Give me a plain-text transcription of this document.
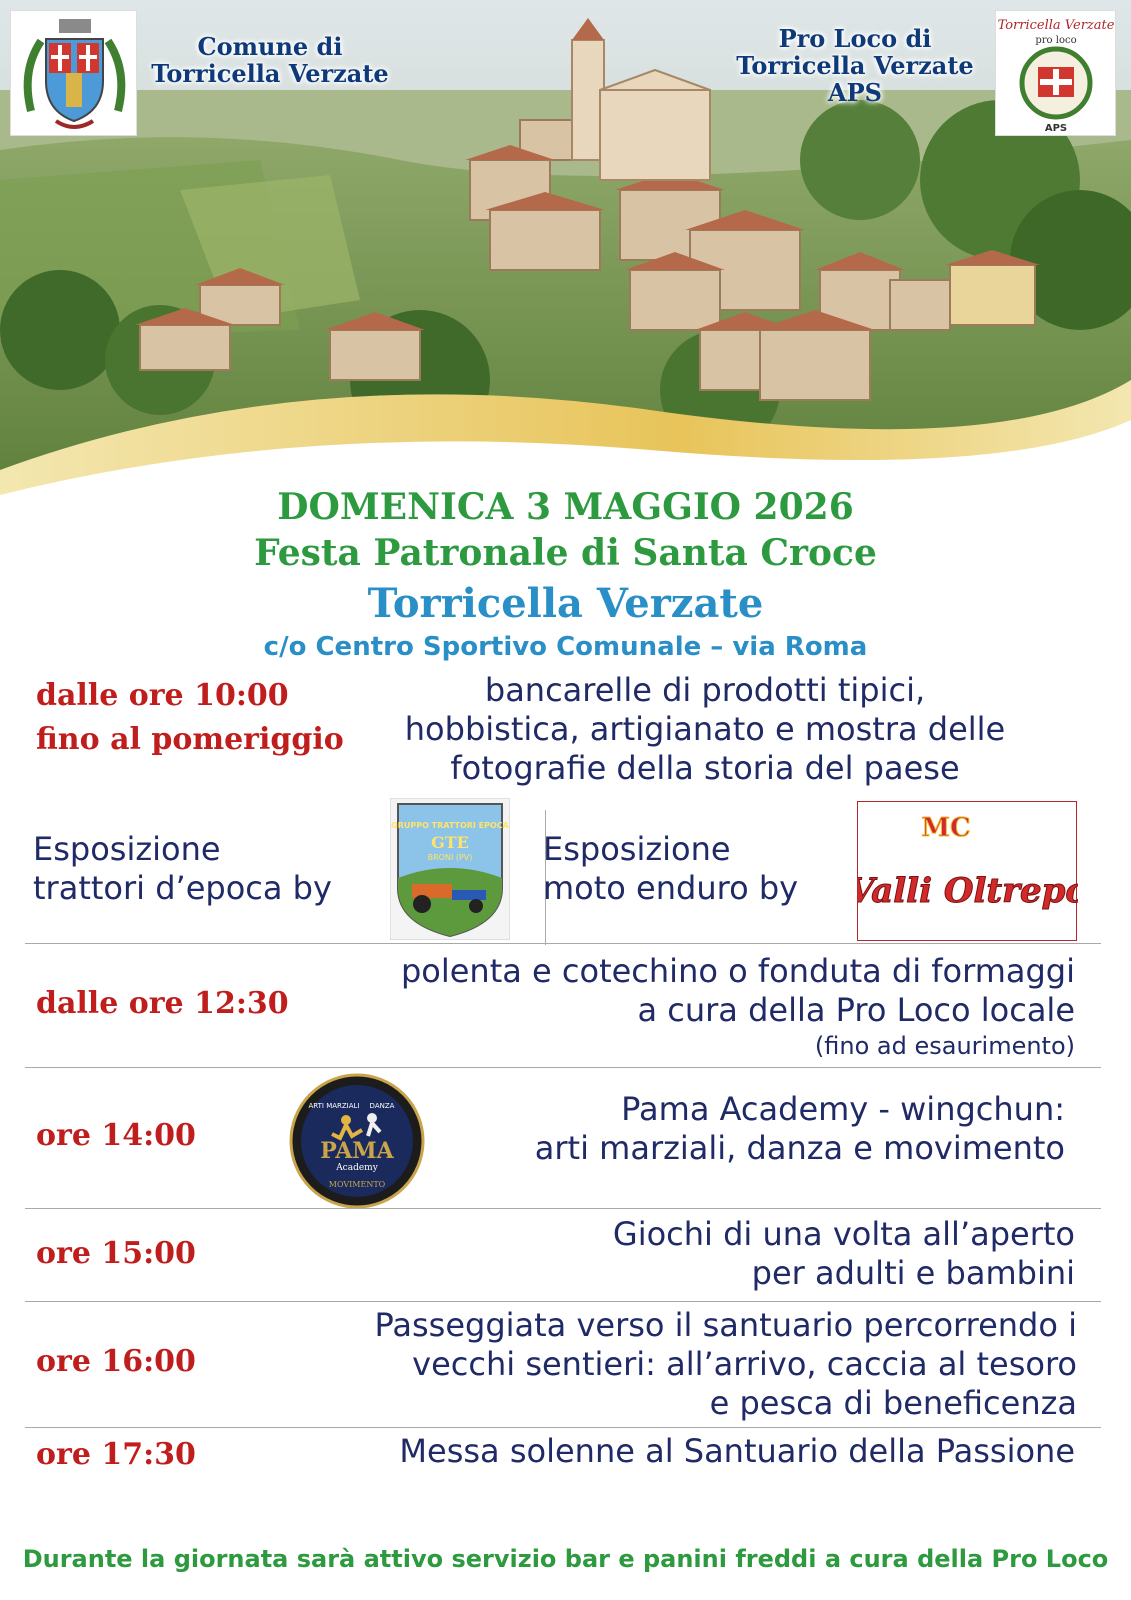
Comune di
Torricella Verzate
Pro Loco di
Torricella Verzate
APS
Torricella Verzate
pro loco
APS
DOMENICA 3 MAGGIO 2026
Festa Patronale di Santa Croce
Torricella Verzate
c/o Centro Sportivo Comunale – via Roma
dalle ore 10:00
fino al pomeriggio
bancarelle di prodotti tipici,
hobbistica, artigianato e mostra delle
fotografie della storia del paese
Esposizione
trattori d’epoca by
GRUPPO TRATTORI EPOCA
GTE
BRONI (PV) Esposizione
moto enduro by
MC
Valli Oltrepo
dalle ore 12:30
polenta e cotechino o fonduta di formaggi
a cura della Pro Loco locale
(fino ad esaurimento)
ore 14:00
ARTI MARZIALI DANZA
PAMA
Academy
MOVIMENTO
Pama Academy - wingchun:
arti marziali, danza e movimento
ore 15:00
Giochi di una volta all’aperto
per adulti e bambini
ore 16:00
Passeggiata verso il santuario percorrendo i
vecchi sentieri: all’arrivo, caccia al tesoro
e pesca di beneficenza
ore 17:30	Messa solenne al Santuario della Passione
Durante la giornata sarà attivo servizio bar e panini freddi a cura della Pro Loco
